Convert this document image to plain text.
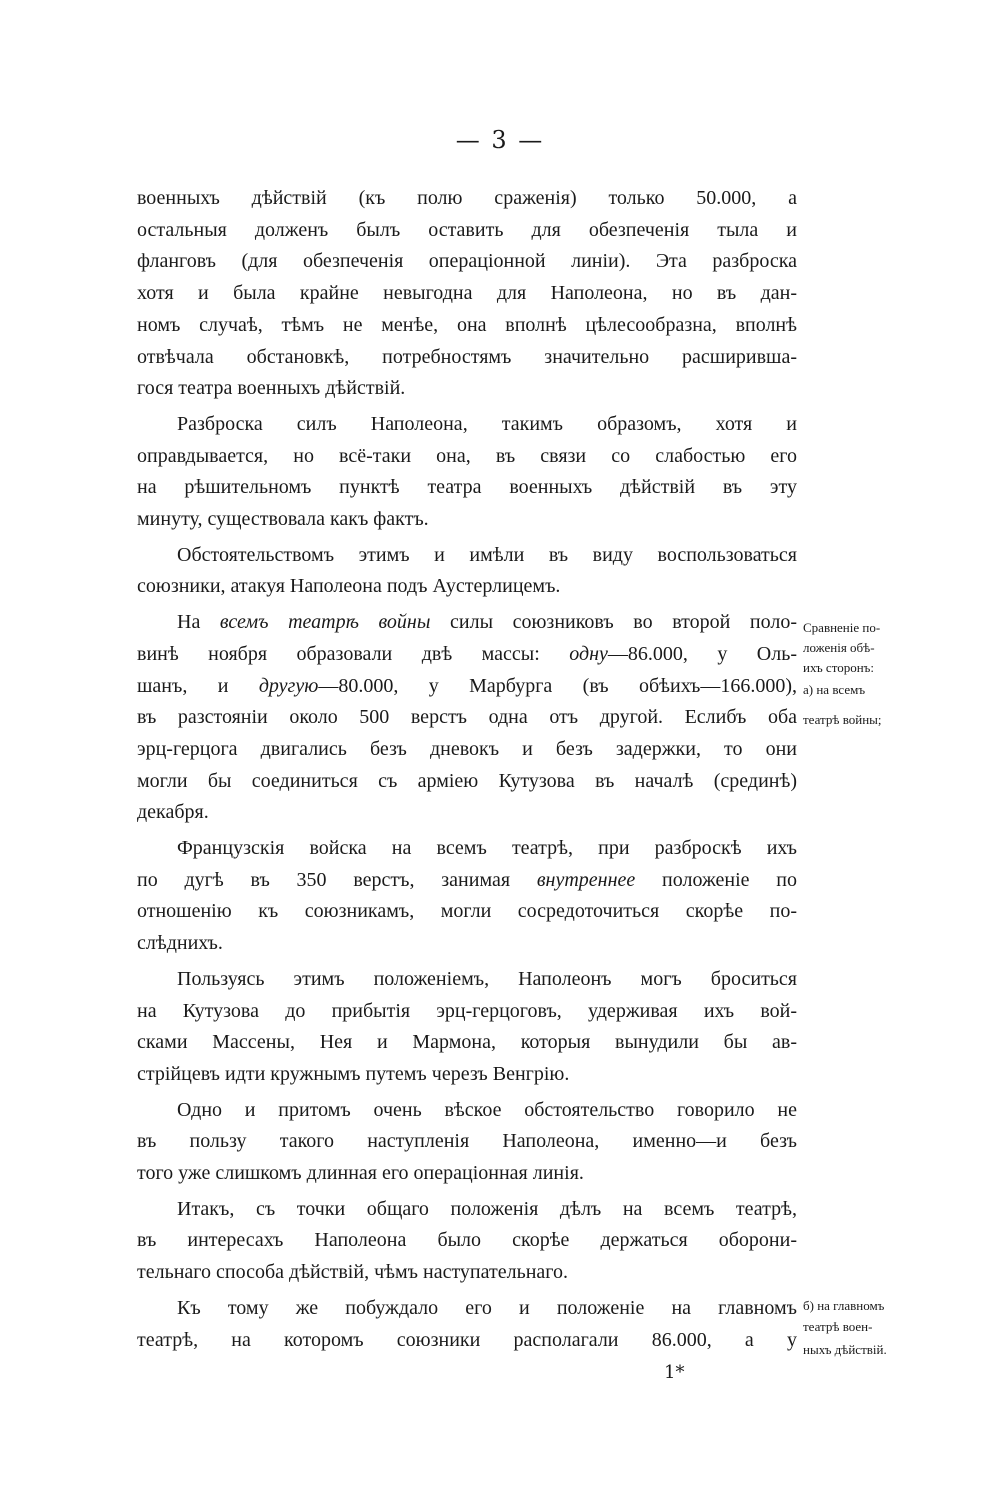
— 3 —
военныхъ дѣйствій (къ полю сраженія) только 50.000, а
остальныя долженъ былъ оставить для обезпеченія тыла и
фланговъ (для обезпеченія операціонной линіи). Эта разброска
хотя и была крайне невыгодна для Наполеона, но въ дан-
номъ случаѣ, тѣмъ не менѣе, она вполнѣ цѣлесообразна, вполнѣ
отвѣчала обстановкѣ, потребностямъ значительно расширивша-
гося театра военныхъ дѣйствій.
Разброска силъ Наполеона, такимъ образомъ, хотя и
оправдывается, но всё-таки она, въ связи со слабостью его
на рѣшительномъ пунктѣ театра военныхъ дѣйствій въ эту
минуту, существовала какъ фактъ.
Обстоятельствомъ этимъ и имѣли въ виду воспользоваться
союзники, атакуя Наполеона подъ Аустерлицемъ.
На всемъ театрѣ войны силы союзниковъ во второй поло-
винѣ ноября образовали двѣ массы: одну—86.000, у Оль-
шанъ, и другую—80.000, у Марбурга (въ обѣихъ—166.000),
въ разстояніи около 500 верстъ одна отъ другой. Еслибъ оба
эрц-герцога двигались безъ дневокъ и безъ задержки, то они
могли бы соединиться съ арміею Кутузова въ началѣ (срединѣ)
декабря.
Французскія войска на всемъ театрѣ, при разброскѣ ихъ
по дугѣ въ 350 верстъ, занимая внутреннее положеніе по
отношенію къ союзникамъ, могли сосредоточиться скорѣе по-
слѣднихъ.
Пользуясь этимъ положеніемъ, Наполеонъ могъ броситься
на Кутузова до прибытія эрц-герцоговъ, удерживая ихъ вой-
сками Массены, Нея и Мармона, которыя вынудили бы ав-
стрійцевъ идти кружнымъ путемъ черезъ Венгрію.
Одно и притомъ очень вѣское обстоятельство говорило не
въ пользу такого наступленія Наполеона, именно—и безъ
того уже слишкомъ длинная его операціонная линія.
Итакъ, съ точки общаго положенія дѣлъ на всемъ театрѣ,
въ интересахъ Наполеона было скорѣе держаться оборони-
тельнаго способа дѣйствій, чѣмъ наступательнаго.
Къ тому же побуждало его и положеніе на главномъ
театрѣ, на которомъ союзники располагали 86.000, а у
Сравненіе по-
ложенія обѣ-
ихъ сторонъ:
а) на всемъ
театрѣ войны;
б) на главномъ
театрѣ воен-
ныхъ дѣйствій.
1*
